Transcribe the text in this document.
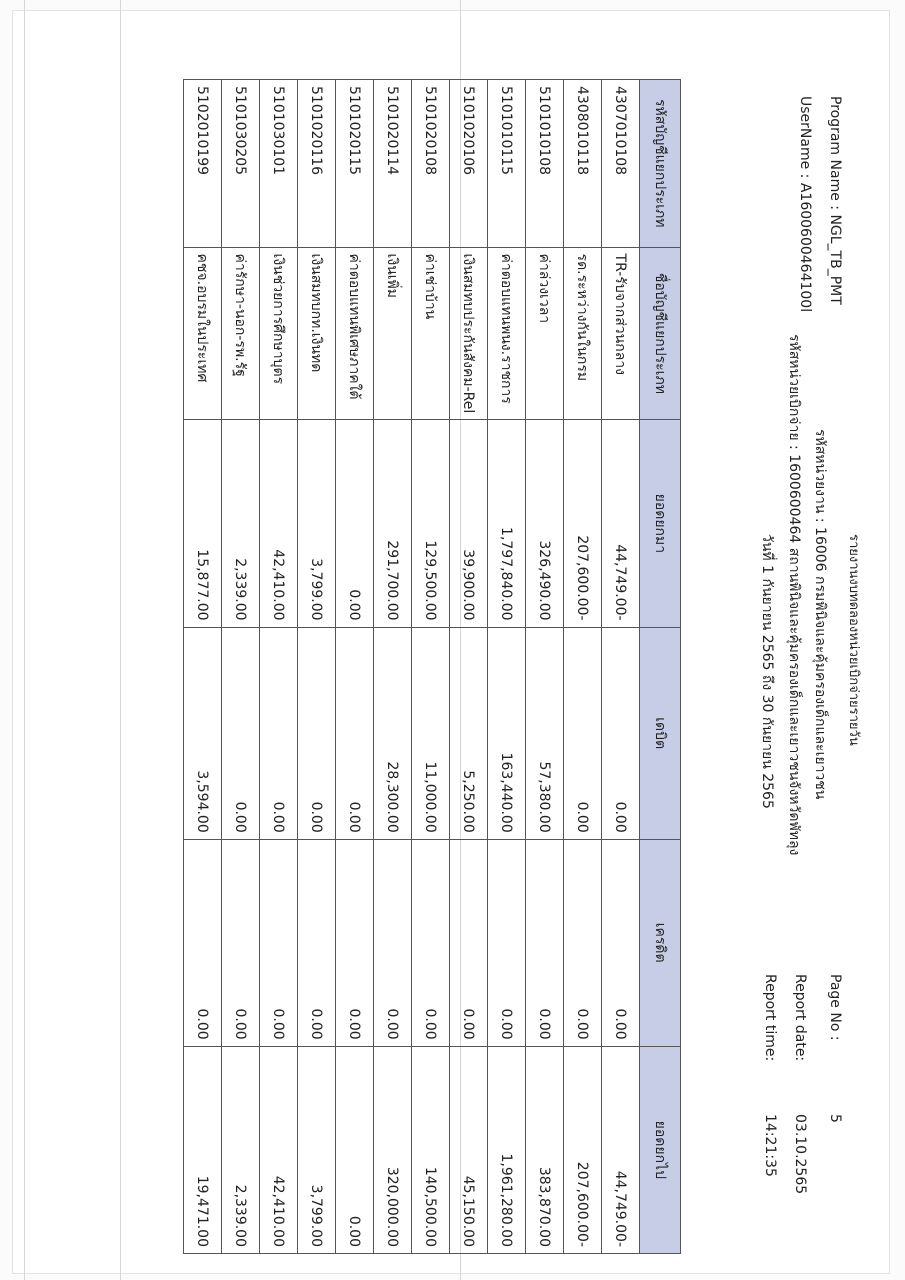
Program Name : NGL_TB_PMT
UserName : A1600600464100l
รายงานงบทดลองหน่วยเบิกจ่ายรายวัน
รหัสหน่วยงาน : 16006 กรมพินิจและคุ้มครองเด็กและเยาวชน
รหัสหน่วยเบิกจ่าย : 1600600464 สถานพินิจและคุ้มครองเด็กและเยาวชนจังหวัดพัทลุง
วันที่ 1 กันยายน 2565 ถึง 30 กันยายน 2565
Page No :
5
Report date:
03.10.2565
Report time:
14:21:35
รหัสบัญชีแยกประเภท	ชื่อบัญชีแยกประเภท	ยอดยกมา	เดบิต	เครดิต	ยอดยกไป
4307010108	TR-รับจากส่วนกลาง	44,749.00-	0.00	0.00	44,749.00-
4308010118	รด.ระหว่างกันในกรม	207,600.00-	0.00	0.00	207,600.00-
5101010108	ค่าล่วงเวลา	326,490.00	57,380.00	0.00	383,870.00
5101010115	ค่าตอบแทนพนง.ราชการ	1,797,840.00	163,440.00	0.00	1,961,280.00
5101020106	เงินสมทบประกันสังคม-Rel	39,900.00	5,250.00	0.00	45,150.00
5101020108	ค่าเช่าบ้าน	129,500.00	11,000.00	0.00	140,500.00
5101020114	เงินเพิ่ม	291,700.00	28,300.00	0.00	320,000.00
5101020115	ค่าตอบแทนพิเศษภาคใต้	0.00	0.00	0.00	0.00
5101020116	เงินสมทบกท.เงินทด	3,799.00	0.00	0.00	3,799.00
5101030101	เงินช่วยการศึกษาบุตร	42,410.00	0.00	0.00	42,410.00
5101030205	ค่ารักษา-นอก-รพ.รัฐ	2,339.00	0.00	0.00	2,339.00
5102010199	คชจ.อบรมในประเทศ	15,877.00	3,594.00	0.00	19,471.00
